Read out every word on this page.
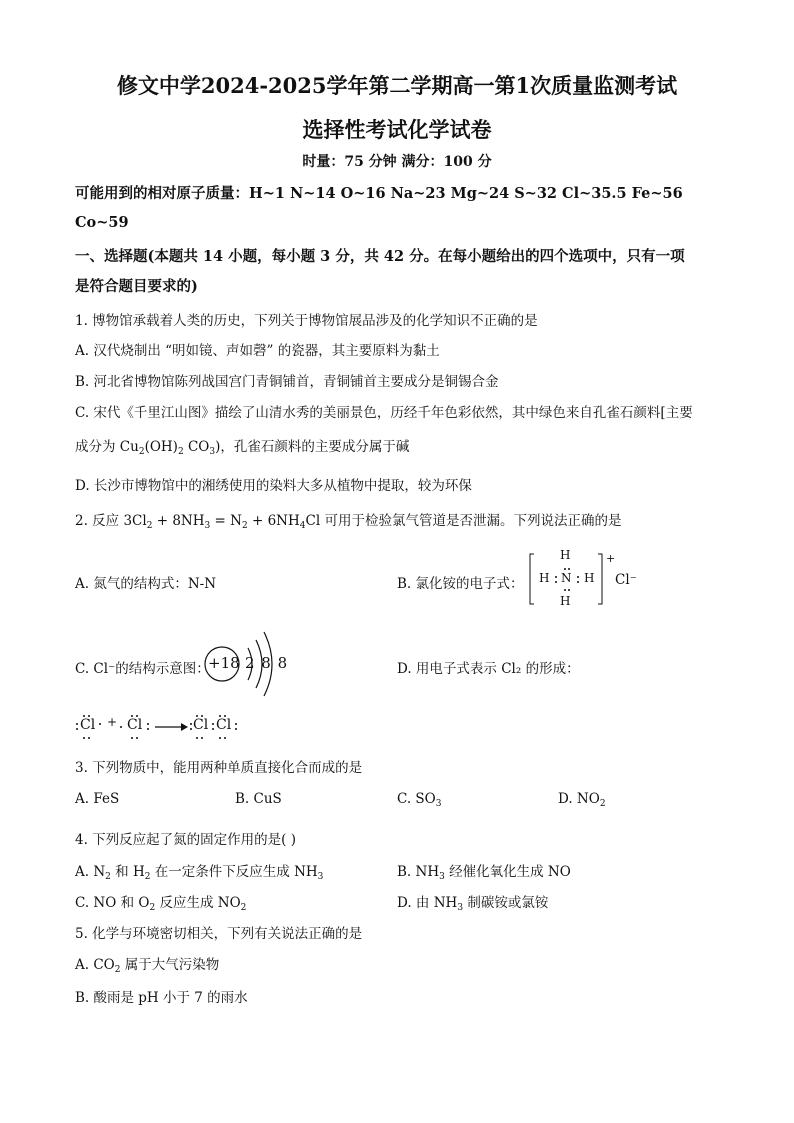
修文中学2024-2025学年第二学期高一第1次质量监测考试
选择性考试化学试卷
时量：75 分钟 满分：100 分
可能用到的相对原子质量：H~1 N~14 O~16 Na~23 Mg~24 S~32 Cl~35.5 Fe~56
Co~59
一、选择题(本题共 14 小题，每小题 3 分，共 42 分。在每小题给出的四个选项中，只有一项
是符合题目要求的)
1. 博物馆承载着人类的历史，下列关于博物馆展品涉及的化学知识不正确的是
A. 汉代烧制出 “明如镜、声如磬” 的瓷器，其主要原料为黏土
B. 河北省博物馆陈列战国宫门青铜铺首，青铜铺首主要成分是铜锡合金
C. 宋代《千里江山图》描绘了山清水秀的美丽景色，历经千年色彩依然，其中绿色来自孔雀石颜料[主要
成分为 $Cu_2(OH)_2$ $CO_3$)，孔雀石颜料的主要成分属于碱
D. 长沙市博物馆中的湘绣使用的染料大多从植物中提取，较为环保
2. 反应 $3Cl_2 + 8NH_3 = N_2 + 6NH_4Cl$ 可用于检验氯气管道是否泄漏。下列说法正确的是
A. 氮气的结构式：N-N	B. 氯化铵的电子式：
H
H N H
H
+
Cl⁻
C. Cl⁻的结构示意图：
+18 2 8 8	D. 用电子式表示 Cl₂ 的形成：
Cl + Cl	Cl Cl
3. 下列物质中，能用两种单质直接化合而成的是
A. FeS	B. CuS	C. $SO_3$	D. $NO_2$
4. 下列反应起了氮的固定作用的是( )
A. $N_2$ 和 $H_2$ 在一定条件下反应生成 $NH_3$	B. $NH_3$ 经催化氧化生成 NO
C. NO 和 $O_2$ 反应生成 $NO_2$	D. 由 $NH_3$ 制碳铵或氯铵
5. 化学与环境密切相关，下列有关说法正确的是
A. $CO_2$ 属于大气污染物
B. 酸雨是 pH 小于 7 的雨水
